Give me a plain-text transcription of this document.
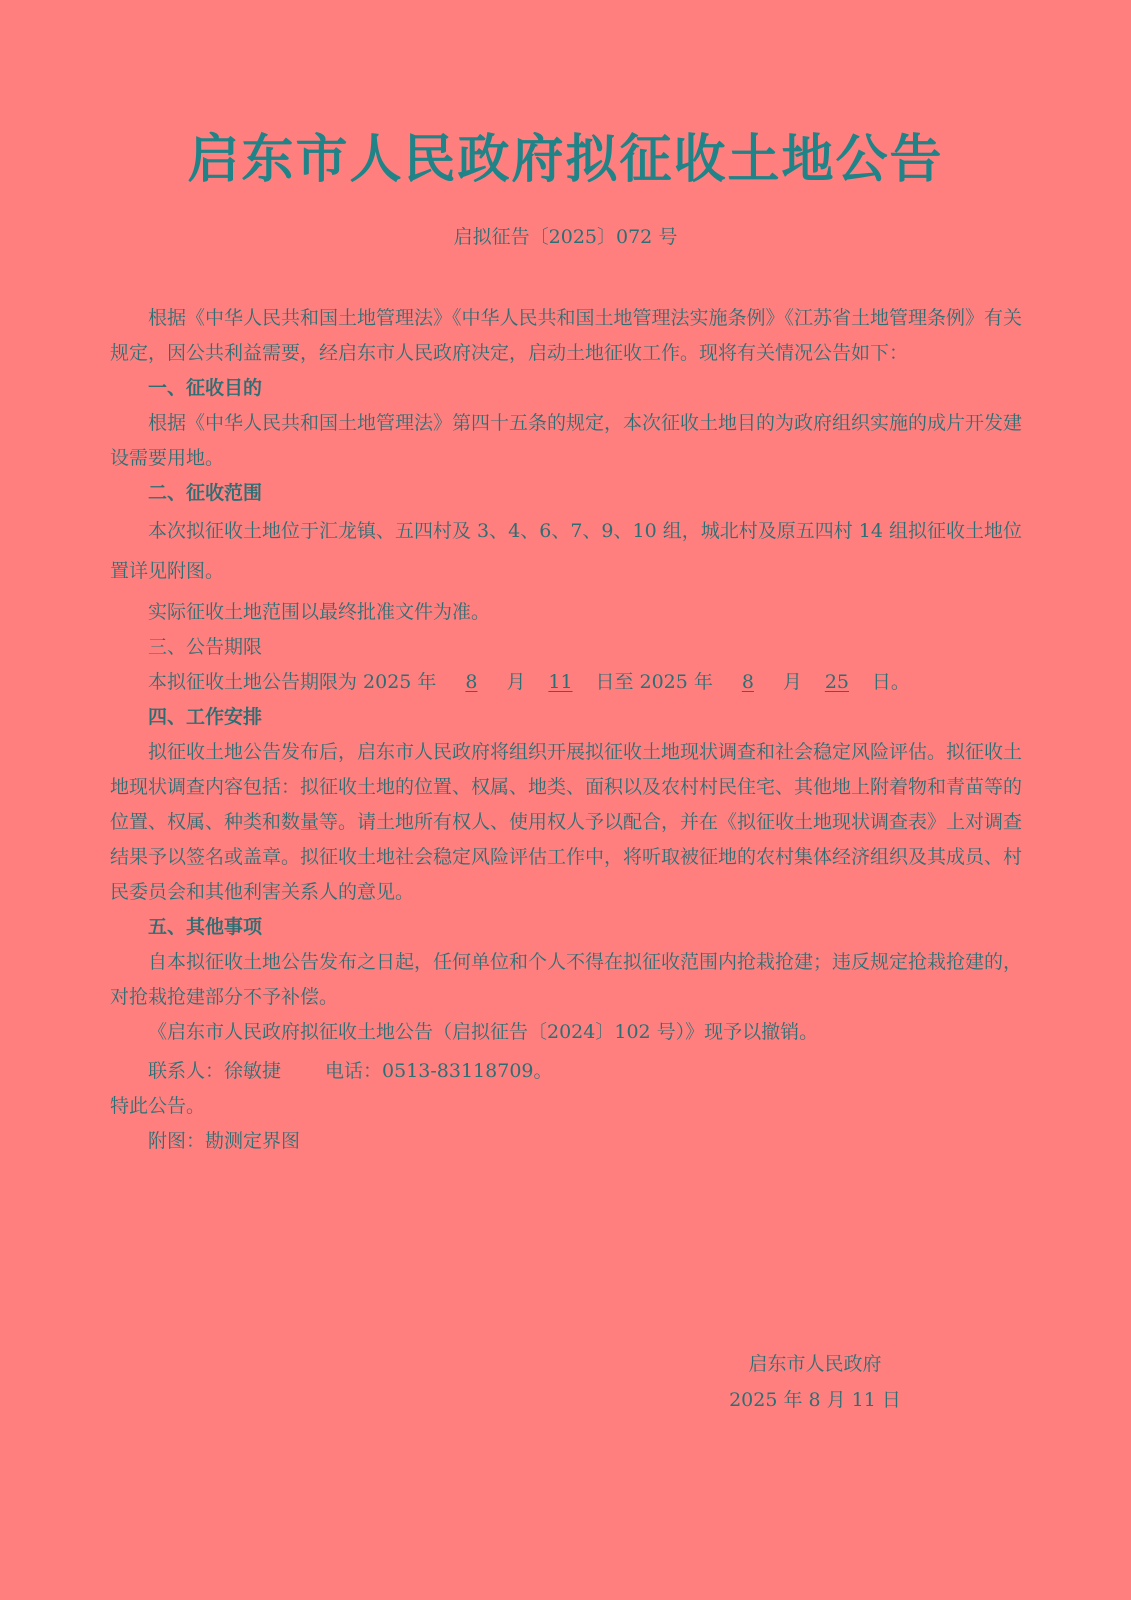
启东市人民政府拟征收土地公告
启拟征告〔2025〕072 号

根据《中华人民共和国土地管理法》《中华人民共和国土地管理法实施条例》《江苏省土地管理条例》有关规定，因公共利益需要，经启东市人民政府决定，启动土地征收工作。现将有关情况公告如下：

一、征收目的

根据《中华人民共和国土地管理法》第四十五条的规定，本次征收土地目的为政府组织实施的成片开发建设需要用地。

二、征收范围

本次拟征收土地位于汇龙镇、五四村及 3、4、6、7、9、10 组，城北村及原五四村 14 组拟征收土地位置详见附图。

实际征收土地范围以最终批准文件为准。

三、公告期限

本拟征收土地公告期限为 2025 年 8 月 11 日至 2025 年 8 月 25 日。

四、工作安排

拟征收土地公告发布后，启东市人民政府将组织开展拟征收土地现状调查和社会稳定风险评估。拟征收土地现状调查内容包括：拟征收土地的位置、权属、地类、面积以及农村村民住宅、其他地上附着物和青苗等的位置、权属、种类和数量等。请土地所有权人、使用权人予以配合，并在《拟征收土地现状调查表》上对调查结果予以签名或盖章。拟征收土地社会稳定风险评估工作中，将听取被征地的农村集体经济组织及其成员、村民委员会和其他利害关系人的意见。

五、其他事项

自本拟征收土地公告发布之日起，任何单位和个人不得在拟征收范围内抢栽抢建；违反规定抢栽抢建的，对抢栽抢建部分不予补偿。

《启东市人民政府拟征收土地公告（启拟征告〔2024〕102 号）》现予以撤销。

联系人：徐敏捷 电话：0513-83118709。

特此公告。

附图：勘测定界图

启东市人民政府
2025 年 8 月 11 日
